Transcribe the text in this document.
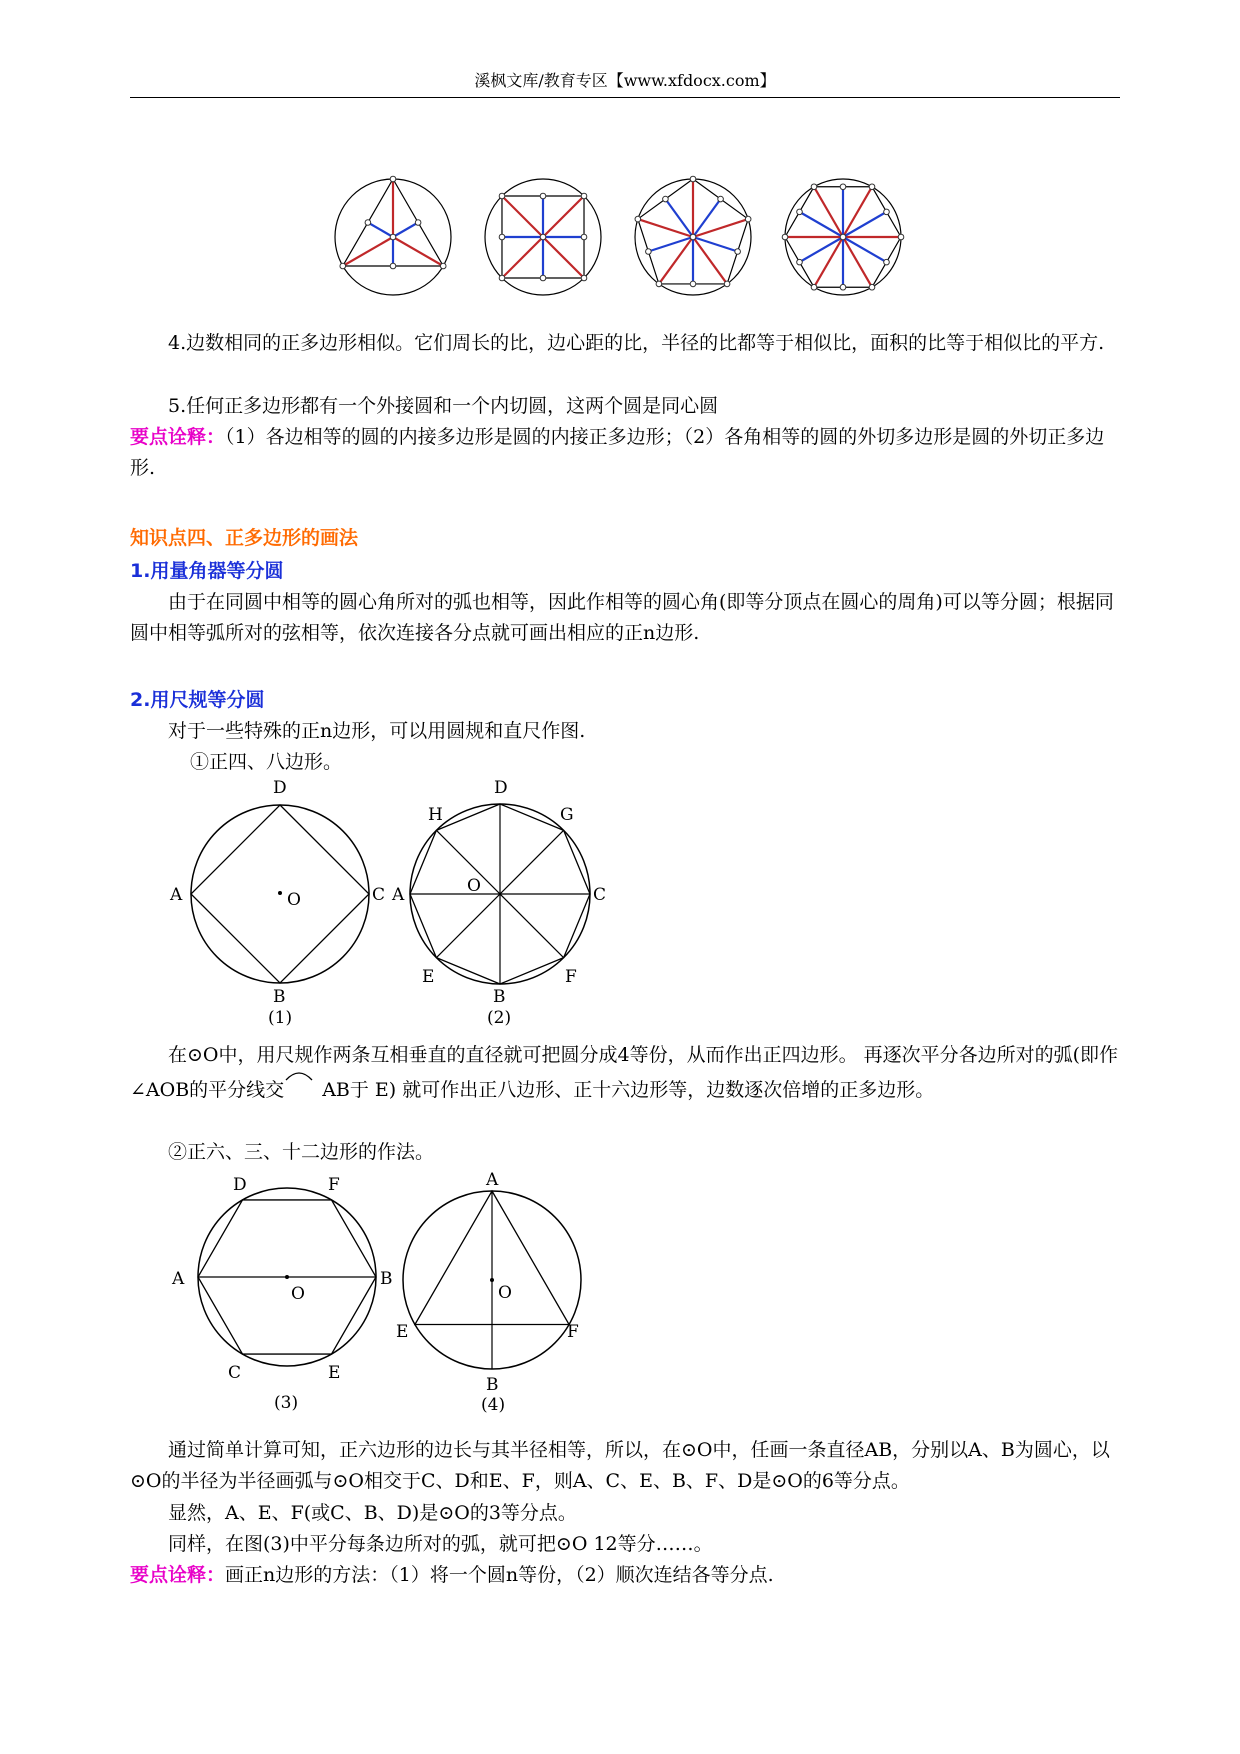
溪枫文库/教育专区【www.xfdocx.com】
4.边数相同的正多边形相似。它们周长的比，边心距的比，半径的比都等于相似比，面积的比等于相似比的平方.
5.任何正多边形都有一个外接圆和一个内切圆，这两个圆是同心圆
要点诠释：（1）各边相等的圆的内接多边形是圆的内接正多边形；（2）各角相等的圆的外切多边形是圆的外切正多边形.
知识点四、正多边形的画法
1.用量角器等分圆
由于在同圆中相等的圆心角所对的弧也相等，因此作相等的圆心角(即等分顶点在圆心的周角)可以等分圆；根据同圆中相等弧所对的弦相等，依次连接各分点就可画出相应的正n边形.
2.用尺规等分圆
对于一些特殊的正n边形，可以用圆规和直尺作图.
①正四、八边形。
D
A	C
B
O
(1)
D
H	G
A	C
O
E	F
B
(2)
在⊙O中，用尺规作两条互相垂直的直径就可把圆分成4等份，从而作出正四边形。 再逐次平分各边所对的弧(即作∠AOB的平分线交 AB于 E) 就可作出正八边形、正十六边形等，边数逐次倍增的正多边形。
②正六、三、十二边形的作法。
D	F
A
O
B
C	E
(3)
A
O
E	F
B
(4)
通过简单计算可知，正六边形的边长与其半径相等，所以，在⊙O中，任画一条直径AB，分别以A、B为圆心，以⊙O的半径为半径画弧与⊙O相交于C、D和E、F，则A、C、E、B、F、D是⊙O的6等分点。
显然，A、E、F(或C、B、D)是⊙O的3等分点。
同样，在图(3)中平分每条边所对的弧，就可把⊙O 12等分……。
要点诠释：画正n边形的方法：（1）将一个圆n等份，（2）顺次连结各等分点.
